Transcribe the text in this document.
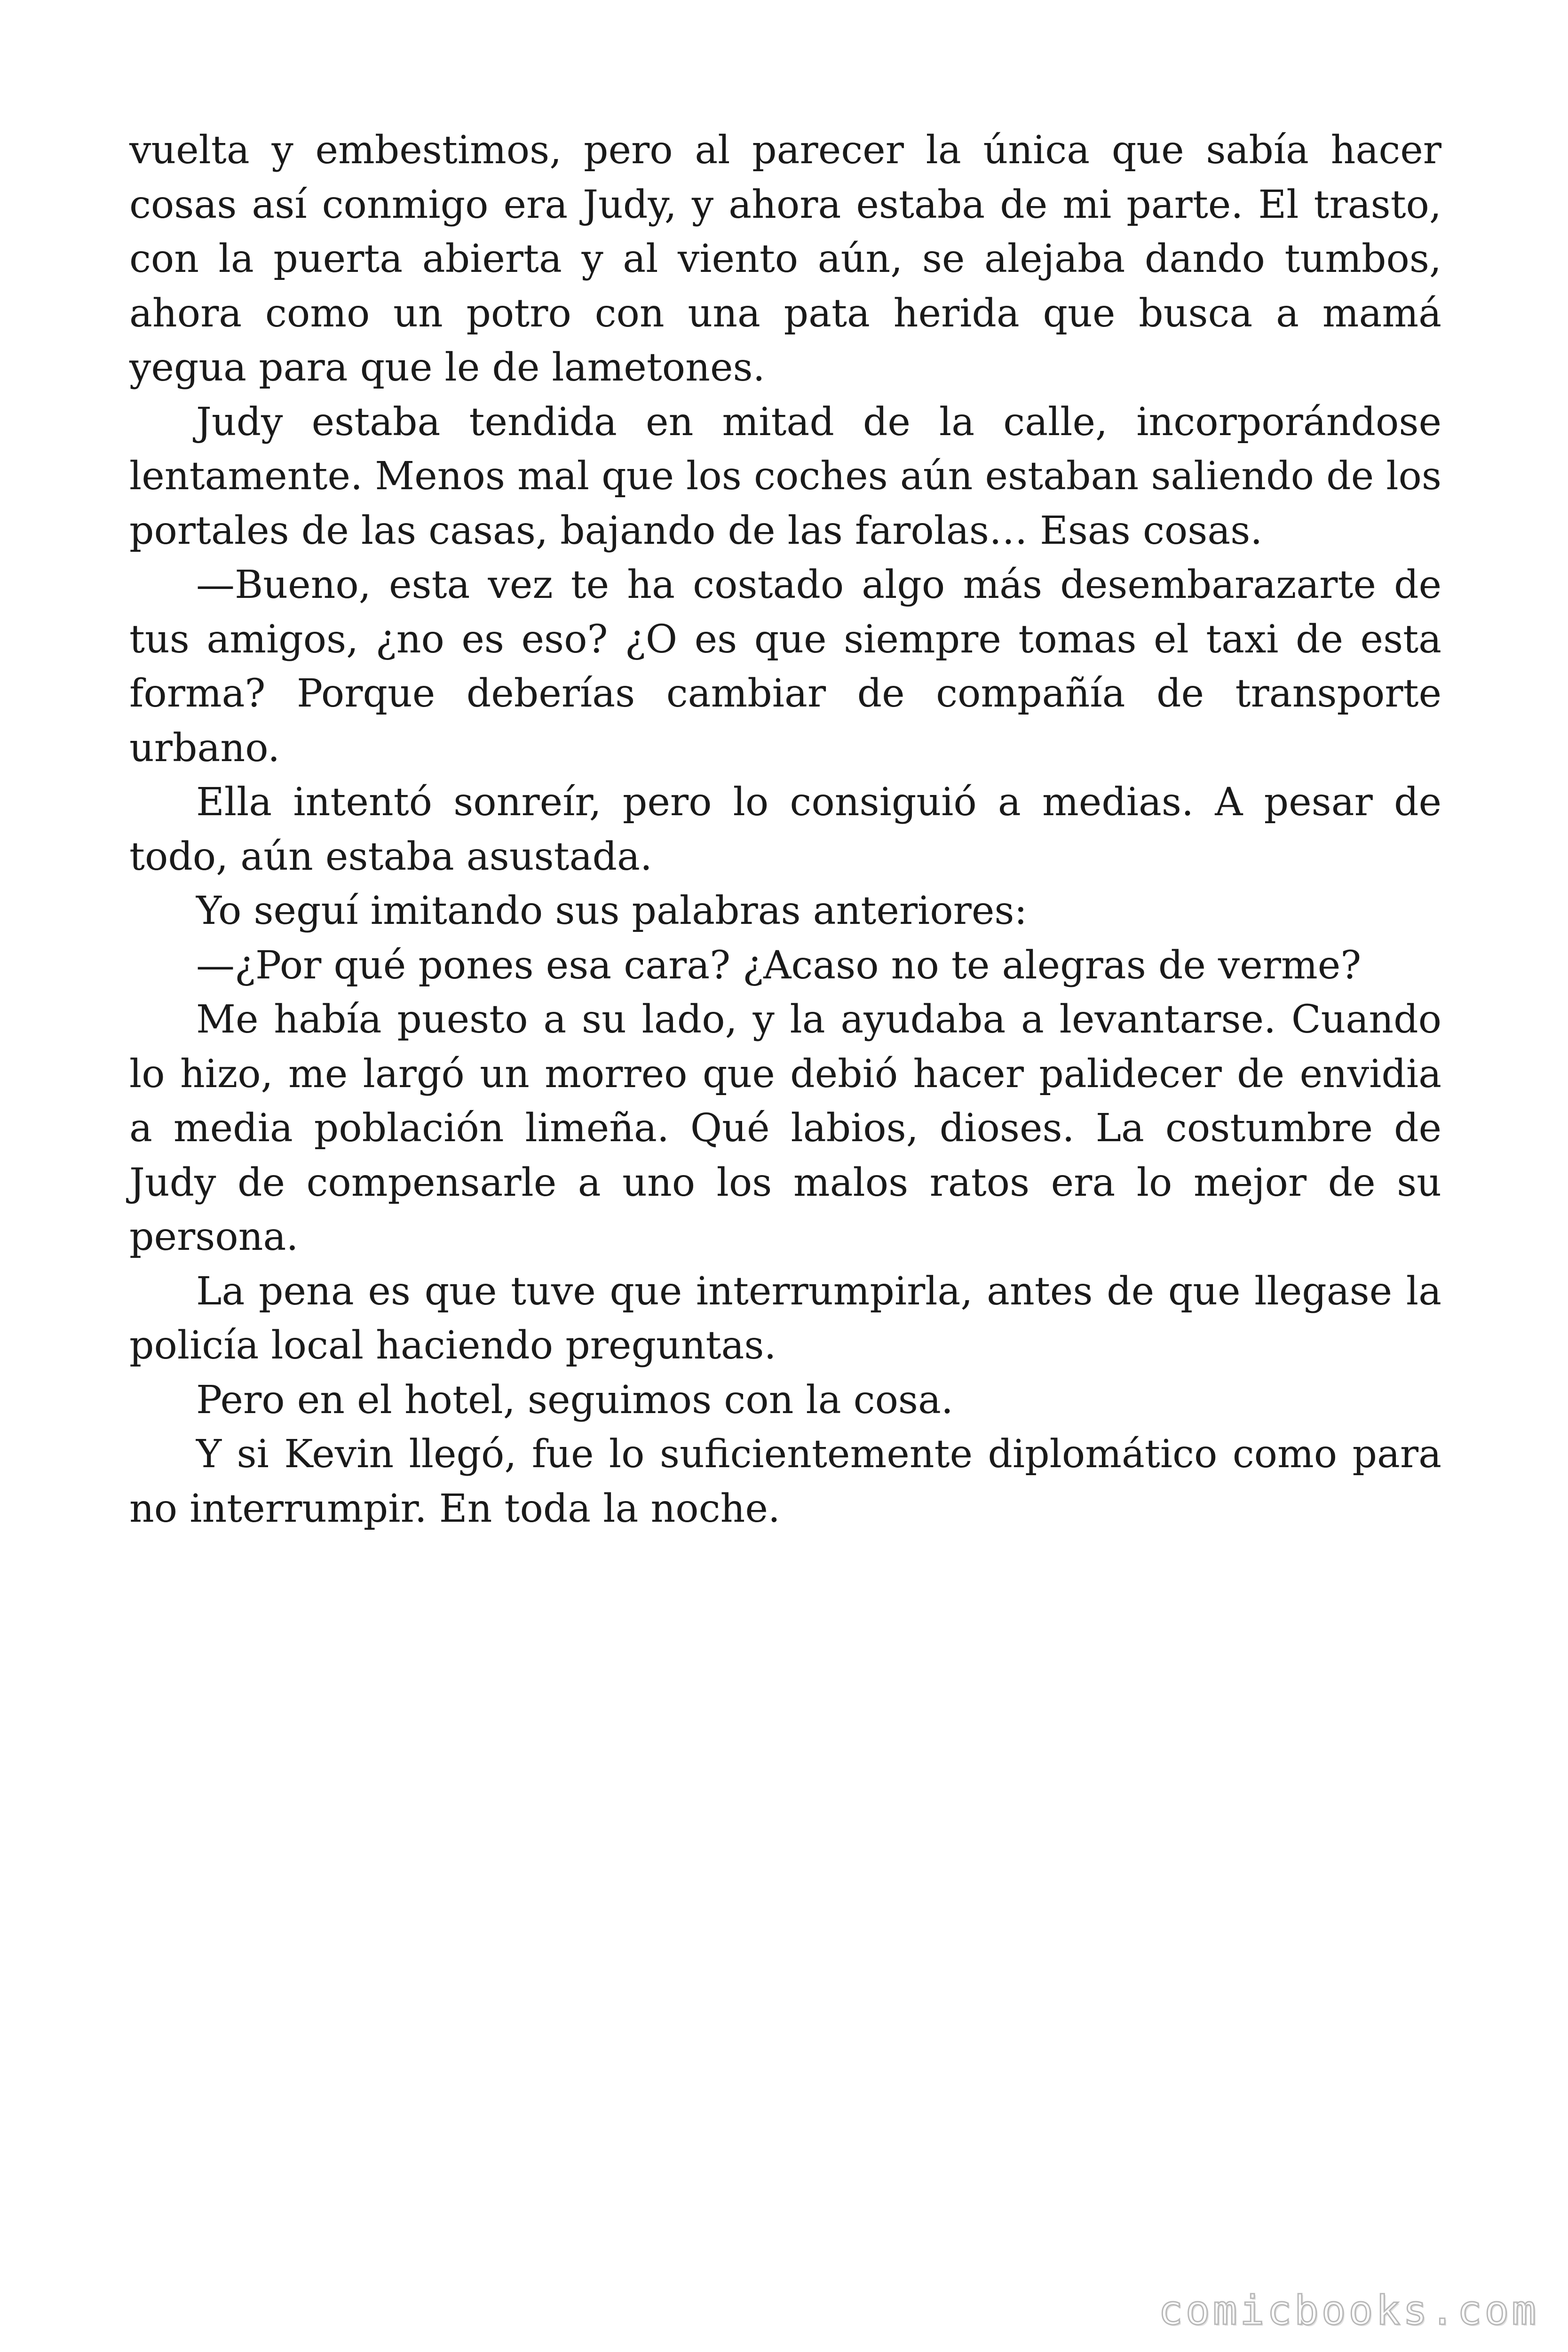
vuelta y embestimos, pero al parecer la única que sabía hacer cosas así conmigo era Judy, y ahora estaba de mi parte. El trasto, con la puerta abierta y al viento aún, se alejaba dando tumbos, ahora como un potro con una pata herida que busca a mamá yegua para que le de lametones.

Judy estaba tendida en mitad de la calle, incorporándose lentamente. Menos mal que los coches aún estaban saliendo de los portales de las casas, bajando de las farolas… Esas cosas.

—Bueno, esta vez te ha costado algo más desembarazarte de tus amigos, ¿no es eso? ¿O es que siempre tomas el taxi de esta forma? Porque deberías cambiar de compañía de transporte urbano.

Ella intentó sonreír, pero lo consiguió a medias. A pesar de todo, aún estaba asustada.

Yo seguí imitando sus palabras anteriores:

—¿Por qué pones esa cara? ¿Acaso no te alegras de verme?

Me había puesto a su lado, y la ayudaba a levantarse. Cuando lo hizo, me largó un morreo que debió hacer palidecer de envidia a media población limeña. Qué labios, dioses. La costumbre de Judy de compensarle a uno los malos ratos era lo mejor de su persona.

La pena es que tuve que interrumpirla, antes de que llegase la policía local haciendo preguntas.

Pero en el hotel, seguimos con la cosa.

Y si Kevin llegó, fue lo suficientemente diplomático como para no interrumpir. En toda la noche.

comicbooks.com
